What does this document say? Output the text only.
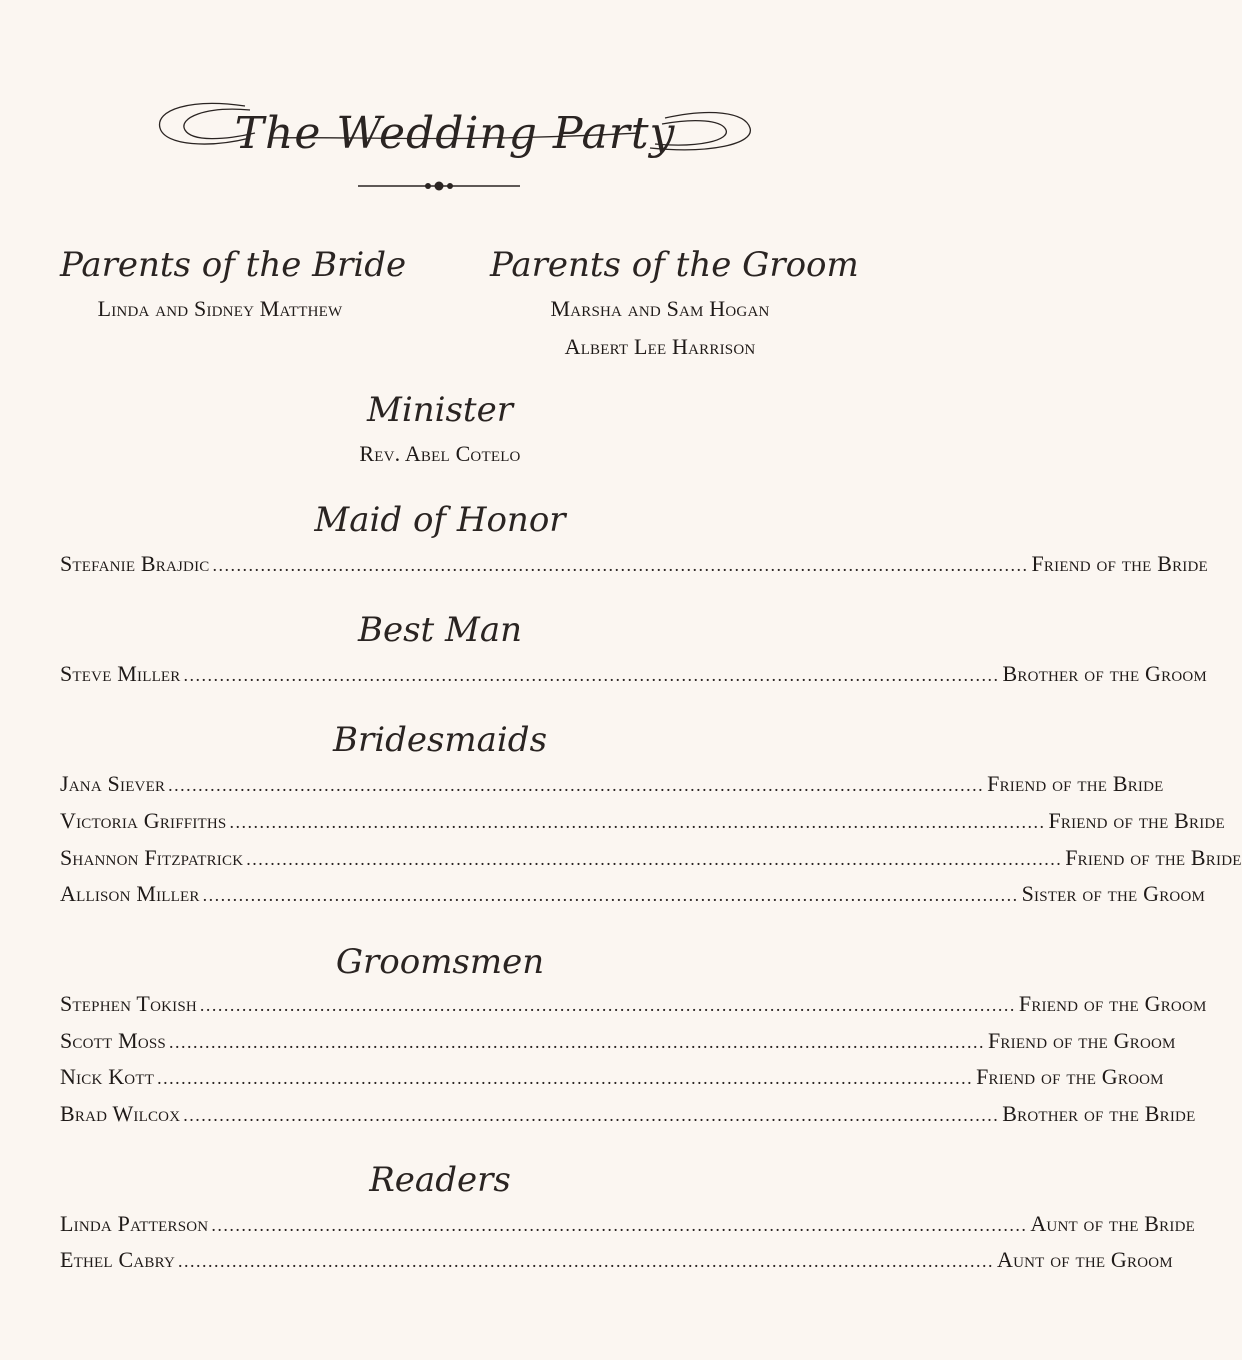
The Wedding Party
Parents of the Bride
Linda and Sidney Matthew
Parents of the Groom
Marsha and Sam Hogan
Albert Lee Harrison
Minister
Rev. Abel Cotelo
Maid of Honor
Stefanie Brajdic ........................................................................................................................................ Friend of the Bride
Best Man
Steve Miller ........................................................................................................................................ Brother of the Groom
Bridesmaids
Jana Siever ........................................................................................................................................ Friend of the Bride
Victoria Griffiths ........................................................................................................................................ Friend of the Bride
Shannon Fitzpatrick ........................................................................................................................................ Friend of the Bride
Allison Miller ........................................................................................................................................ Sister of the Groom
Groomsmen
Stephen Tokish ........................................................................................................................................ Friend of the Groom
Scott Moss ........................................................................................................................................ Friend of the Groom
Nick Kott ........................................................................................................................................ Friend of the Groom
Brad Wilcox ........................................................................................................................................ Brother of the Bride
Readers
Linda Patterson ........................................................................................................................................ Aunt of the Bride
Ethel Cabry ........................................................................................................................................ Aunt of the Groom
